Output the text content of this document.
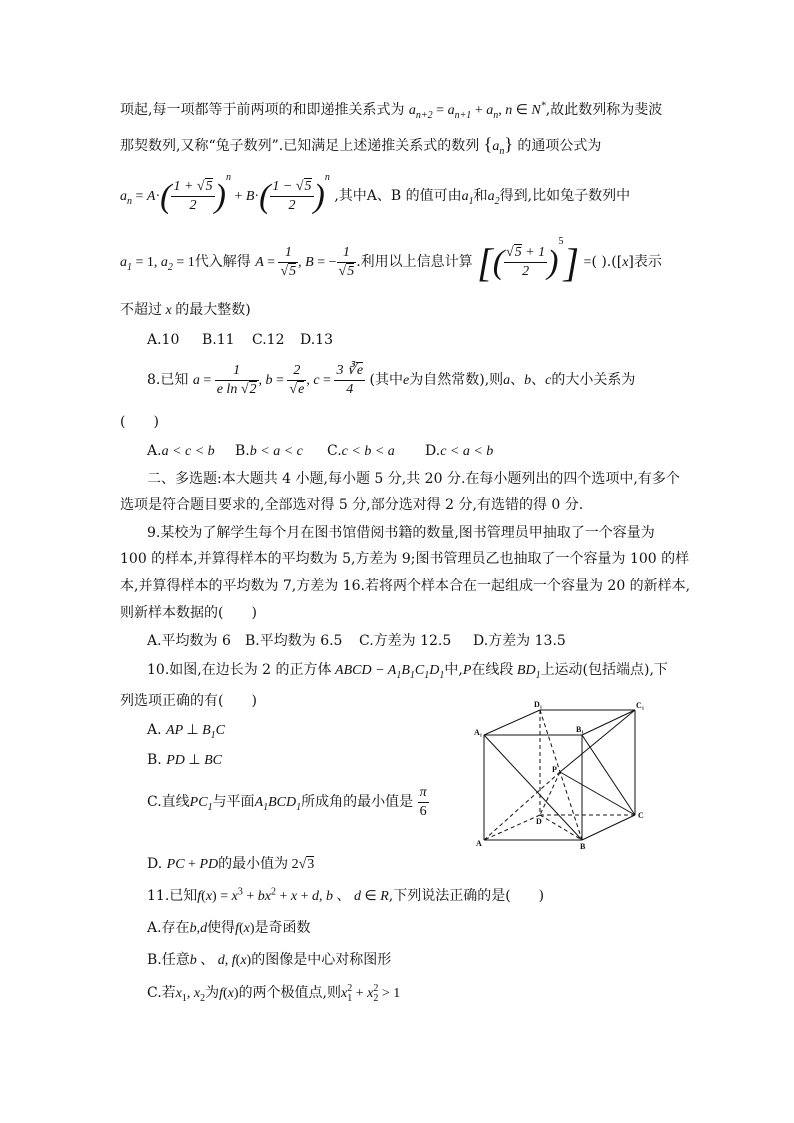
项起,每一项都等于前两项的和即递推关系式为 $a_{n+2} = a_{n+1} + a_n$, n ∈ N*,故此数列称为斐波
那契数列,又称“兔子数列”.已知满足上述递推关系式的数列 $\{a_n\}$ 的通项公式为
$a_n = A\cdot( \frac{1 + √5}{2} )^n + B\cdot( \frac{1 - √5}{2} )^n$ ,其中A、B 的值可由$a_1$和$a_2$得到,比如兔子数列中
$a_1 = 1$, $a_2 = 1$代入解得 $A = \frac{1}{√5}$ , B = − $\frac{1}{√5}$ .利用以上信息计算 [( $\frac{√5 + 1}{2} )^5$] =( ).([x]表示
不超过 x 的最大整数)
A.10 B.11 C.12 D.13
8.已知 $a = \frac{1}{\text{e ln √2}}$ , $b = \frac{2}{√e}$ , $c = \frac{3 ∛e}{4}$ (其中e为自然常数),则a、b、c的大小关系为
(　　)
A.a < c < b B.b < a < c C.c < b < a D.c < a < b
二、多选题:本大题共 4 小题,每小题 5 分,共 20 分.在每小题列出的四个选项中,有多个
选项是符合题目要求的,全部选对得 5 分,部分选对得 2 分,有选错的得 0 分.
9.某校为了解学生每个月在图书馆借阅书籍的数量,图书管理员甲抽取了一个容量为
100 的样本,并算得样本的平均数为 5,方差为 9;图书管理员乙也抽取了一个容量为 100 的样
本,并算得样本的平均数为 7,方差为 16.若将两个样本合在一起组成一个容量为 20 的新样本,
则新样本数据的(　　)
A.平均数为 6 B.平均数为 6.5 C.方差为 12.5 D.方差为 13.5
10.如图,在边长为 2 的正方体 ABCD − $A_1B_1C_1D_1$中,P在线段 $BD_1$上运动(包括端点),下
列选项正确的有(　　)
A. AP ⊥ $B_1C$
B. PD ⊥ BC
C.直线$PC_1$与平面$A_1BCD_1$所成角的最小值是 $\frac{\pi}{6}$
D. PC + PD的最小值为 2√3
D₁	C₁
A₁	B₁
P
D
C
A	B
11.已知$f(x) = x^3 + bx^2 + x + d$, b 、 d ∈ R,下列说法正确的是(　　)
A.存在b,d使得f(x)是奇函数
B.任意b 、 d, f(x)的图像是中心对称图形
C.若$x_1$, $x_2$为f(x)的两个极值点,则$x_1^2 + x_2^2 > 1$
